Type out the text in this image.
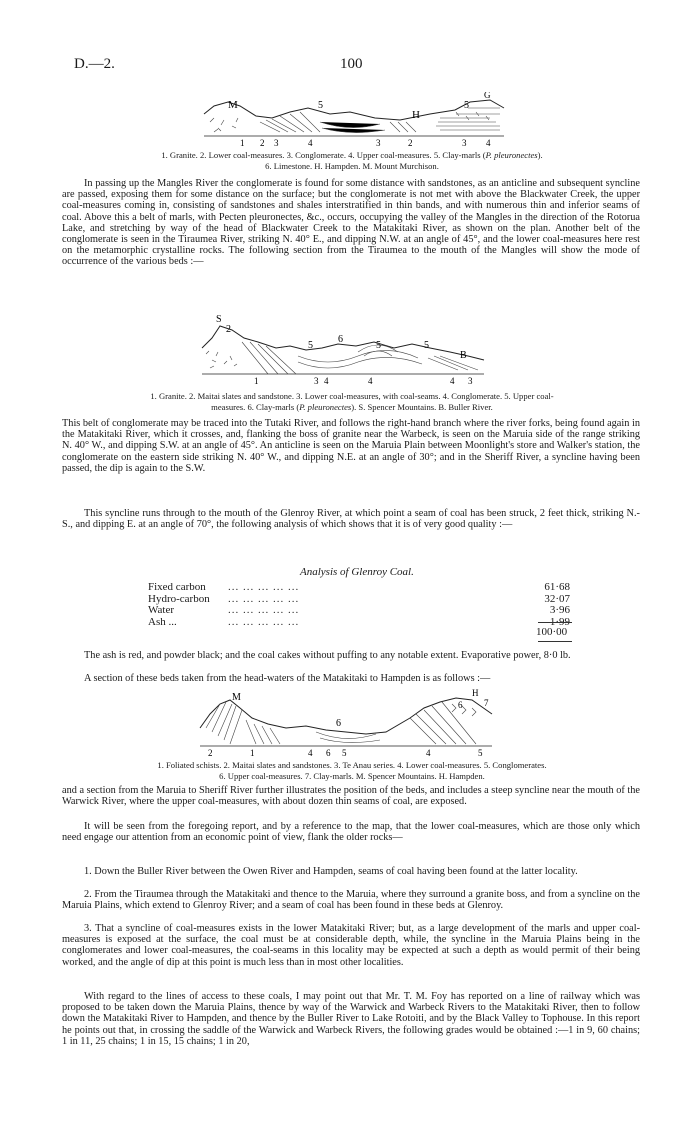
D.—2.	100
M	5
H
5
G
1 2 3	4	3	2	3 4
1. Granite. 2. Lower coal-measures. 3. Conglomerate. 4. Upper coal-measures. 5. Clay-marls (P. pleuronectes).
6. Limestone. H. Hampden. M. Mount Murchison.

In passing up the Mangles River the conglomerate is found for some distance with sandstones, as an anticline and subsequent syncline are passed, exposing them for some distance on the surface; but the conglomerate is not met with above the Blackwater Creek, the upper coal-measures coming in, consisting of sandstones and shales interstratified in thin bands, and with numerous thin and inferior seams of coal. Above this a belt of marls, with Pecten pleuronectes, &c., occurs, occupying the valley of the Mangles in the direction of the Rotorua Lake, and stretching by way of the head of Blackwater Creek to the Matakitaki River, as shown on the plan. Another belt of the conglomerate is seen in the Tiraumea River, striking N. 40° E., and dipping N.W. at an angle of 45°, and the lower coal-measures here rest on the metamorphic crystalline rocks. The following section from the Tiraumea to the mouth of the Mangles will show the mode of occurrence of the various beds :—

S
2
5
6
5	5
B
1	3 4	4	4 3
1. Granite. 2. Maitai slates and sandstone. 3. Lower coal-measures, with coal-seams. 4. Conglomerate. 5. Upper coal-
measures. 6. Clay-marls (P. pleuronectes). S. Spencer Mountains. B. Buller River.

This belt of conglomerate may be traced into the Tutaki River, and follows the right-hand branch where the river forks, being found again in the Matakitaki River, which it crosses, and, flanking the boss of granite near the Warbeck, is seen on the Maruia side of the range striking N. 40° W., and dipping S.W. at an angle of 45°. An anticline is seen on the Maruia Plain between Moonlight's store and Walker's station, the conglomerate on the eastern side striking N. 40° W., and dipping N.E. at an angle of 30°; and in the Sheriff River, a syncline having been passed, the dip is again to the S.W.

This syncline runs through to the mouth of the Glenroy River, at which point a seam of coal has been struck, 2 feet thick, striking N.-S., and dipping E. at an angle of 70°, the following analysis of which shows that it is of very good quality :—

Analysis of Glenroy Coal.
Fixed carbon	... ... ... ... ...	61·68
Hydro-carbon	... ... ... ... ...	32·07
Water	... ... ... ... ...	3·96
Ash ...	... ... ... ... ...	1·99
100·00

The ash is red, and powder black; and the coal cakes without puffing to any notable extent. Evaporative power, 8·0 lb.

A section of these beds taken from the head-waters of the Matakitaki to Hampden is as follows :—

M	H
7
6
6
2	1	4 6 5	4	5
1. Foliated schists. 2. Maitai slates and sandstones. 3. Te Anau series. 4. Lower coal-measures. 5. Conglomerates.
6. Upper coal-measures. 7. Clay-marls. M. Spencer Mountains. H. Hampden.

and a section from the Maruia to Sheriff River further illustrates the position of the beds, and includes a steep syncline near the mouth of the Warwick River, where the upper coal-measures, with about dozen thin seams of coal, are exposed.

It will be seen from the foregoing report, and by a reference to the map, that the lower coal-measures, which are those only which need engage our attention from an economic point of view, flank the older rocks—

1. Down the Buller River between the Owen River and Hampden, seams of coal having been found at the latter locality.

2. From the Tiraumea through the Matakitaki and thence to the Maruia, where they surround a granite boss, and from a syncline on the Maruia Plains, which extend to Glenroy River; and a seam of coal has been found in these beds at Glenroy.

3. That a syncline of coal-measures exists in the lower Matakitaki River; but, as a large development of the marls and upper coal-measures is exposed at the surface, the coal must be at considerable depth, while, the syncline in the Maruia Plains being in the conglomerates and lower coal-measures, the coal-seams in this locality may be expected at such a depth as would permit of their being worked, and the angle of dip at this point is much less than in most other localities.

With regard to the lines of access to these coals, I may point out that Mr. T. M. Foy has reported on a line of railway which was proposed to be taken down the Maruia Plains, thence by way of the Warwick and Warbeck Rivers to the Matakitaki River, then to follow down the Matakitaki River to Hampden, and thence by the Buller River to Lake Rotoiti, and by the Black Valley to Tophouse. In this report he points out that, in crossing the saddle of the Warwick and Warbeck Rivers, the following grades would be obtained :—1 in 9, 60 chains; 1 in 11, 25 chains; 1 in 15, 15 chains; 1 in 20,
